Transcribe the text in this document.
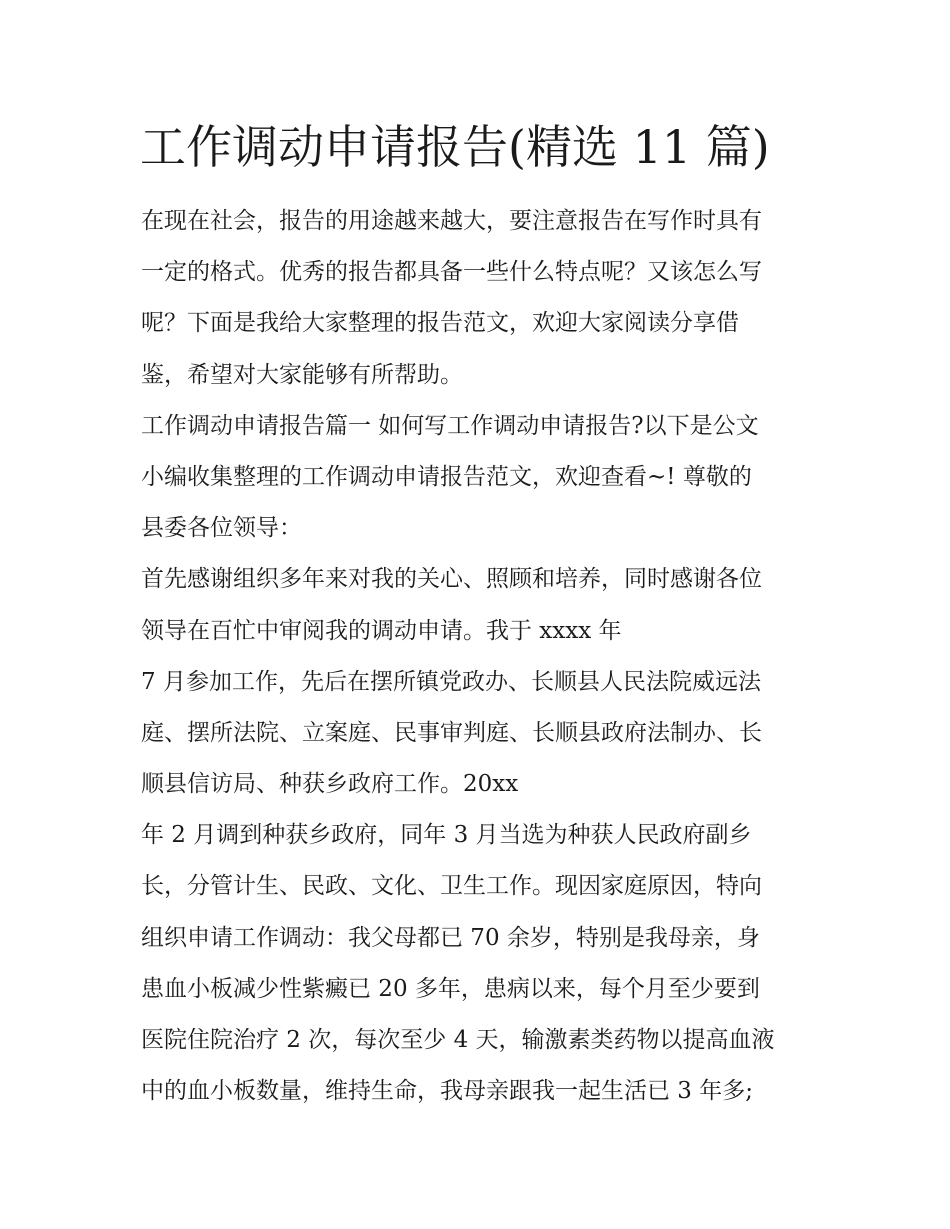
工作调动申请报告(精选 11 篇)
在现在社会，报告的用途越来越大，要注意报告在写作时具有
一定的格式。优秀的报告都具备一些什么特点呢？又该怎么写
呢？下面是我给大家整理的报告范文，欢迎大家阅读分享借
鉴，希望对大家能够有所帮助。
工作调动申请报告篇一 如何写工作调动申请报告?以下是公文
小编收集整理的工作调动申请报告范文，欢迎查看~! 尊敬的
县委各位领导：
首先感谢组织多年来对我的关心、照顾和培养，同时感谢各位
领导在百忙中审阅我的调动申请。我于 xxxx 年
7 月参加工作，先后在摆所镇党政办、长顺县人民法院威远法
庭、摆所法院、立案庭、民事审判庭、长顺县政府法制办、长
顺县信访局、种获乡政府工作。20xx
年 2 月调到种获乡政府，同年 3 月当选为种获人民政府副乡
长，分管计生、民政、文化、卫生工作。现因家庭原因，特向
组织申请工作调动：我父母都已 70 余岁，特别是我母亲，身
患血小板减少性紫癜已 20 多年，患病以来，每个月至少要到
医院住院治疗 2 次，每次至少 4 天，输激素类药物以提高血液
中的血小板数量，维持生命，我母亲跟我一起生活已 3 年多;
